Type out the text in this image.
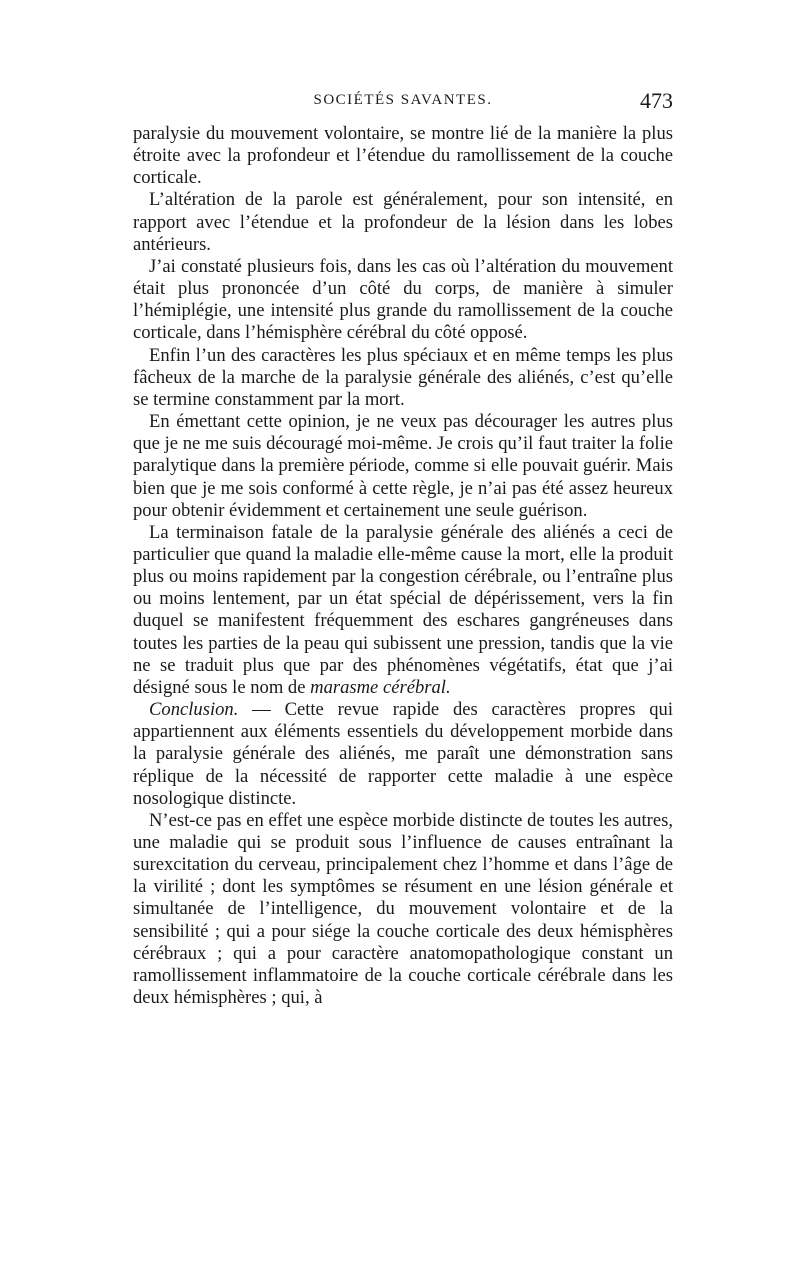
SOCIÉTÉS SAVANTES.	473

paralysie du mouvement volontaire, se montre lié de la manière la plus étroite avec la profondeur et l’étendue du ramollissement de la couche corticale.

L’altération de la parole est généralement, pour son intensité, en rapport avec l’étendue et la profondeur de la lésion dans les lobes antérieurs.

J’ai constaté plusieurs fois, dans les cas où l’altération du mouvement était plus prononcée d’un côté du corps, de manière à simuler l’hémiplégie, une intensité plus grande du ramollissement de la couche corticale, dans l’hémisphère cérébral du côté opposé.

Enfin l’un des caractères les plus spéciaux et en même temps les plus fâcheux de la marche de la paralysie générale des aliénés, c’est qu’elle se termine constamment par la mort.

En émettant cette opinion, je ne veux pas décourager les autres plus que je ne me suis découragé moi-même. Je crois qu’il faut traiter la folie paralytique dans la première période, comme si elle pouvait guérir. Mais bien que je me sois conformé à cette règle, je n’ai pas été assez heureux pour obtenir évidemment et certainement une seule guérison.

La terminaison fatale de la paralysie générale des aliénés a ceci de particulier que quand la maladie elle-même cause la mort, elle la produit plus ou moins rapidement par la congestion cérébrale, ou l’entraîne plus ou moins lentement, par un état spécial de dépérissement, vers la fin duquel se manifestent fréquemment des eschares gangréneuses dans toutes les parties de la peau qui subissent une pression, tandis que la vie ne se traduit plus que par des phénomènes végétatifs, état que j’ai désigné sous le nom de marasme cérébral.

Conclusion. — Cette revue rapide des caractères propres qui appartiennent aux éléments essentiels du développement morbide dans la paralysie générale des aliénés, me paraît une démonstration sans réplique de la nécessité de rapporter cette maladie à une espèce nosologique distincte.

N’est-ce pas en effet une espèce morbide distincte de toutes les autres, une maladie qui se produit sous l’influence de causes entraînant la surexcitation du cerveau, principalement chez l’homme et dans l’âge de la virilité ; dont les symptômes se résument en une lésion générale et simultanée de l’intelligence, du mouvement volontaire et de la sensibilité ; qui a pour siége la couche corticale des deux hémisphères cérébraux ; qui a pour caractère anatomopathologique constant un ramollissement inflammatoire de la couche corticale cérébrale dans les deux hémisphères ; qui, à
